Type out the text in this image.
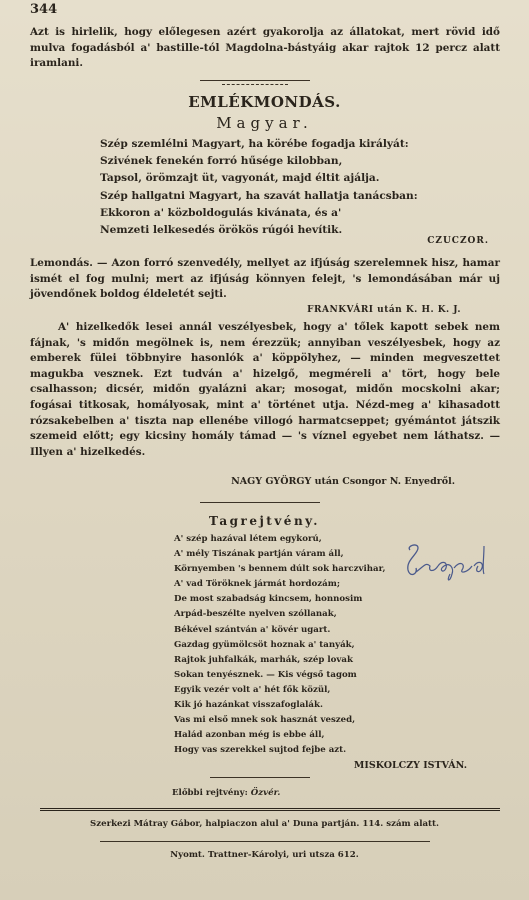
344
Azt is hirlelik, hogy előlegesen azért gyakorolja az állatokat, mert rövid idő mulva fogadásból a' bastille-tól Magdolna-bástyáig akar rajtok 12 percz alatt iramlani.
EMLÉKMONDÁS.
Magyar.
Szép szemlélni Magyart, ha körébe fogadja királyát:
Szivének fenekén forró hűsége kilobban,
Tapsol, örömzajt üt, vagyonát, majd éltit ajálja.
Szép hallgatni Magyart, ha szavát hallatja tanácsban:
Ekkoron a' közboldogulás kivánata, és a'
Nemzeti lelkesedés örökös rúgói hevítik.
CZUCZOR.
Lemondás. — Azon forró szenvedély, mellyet az ifjúság szerelemnek hisz, hamar ismét el fog mulni; mert az ifjúság könnyen felejt, 's lemondásában már uj jövendőnek boldog éldeletét sejti.
FRANKVÁRI után K. H. K. J.
A' hizelkedők lesei annál veszélyesbek, hogy a' tőlek kapott sebek nem fájnak, 's midőn megölnek is, nem érezzük; annyiban veszélyesbek, hogy az emberek fülei többnyire hasonlók a' köppölyhez, — minden megveszettet magukba vesznek. Ezt tudván a' hizelgő, megméreli a' tört, hogy bele csalhasson; dicsér, midőn gyalázni akar; mosogat, midőn mocskolni akar; fogásai titkosak, homályosak, mint a' történet utja. Nézd-meg a' kihasadott rózsakebelben a' tiszta nap ellenébe villogó harmatcseppet; gyémántot játszik szemeid előtt; egy kicsiny homály támad — 's víznel egyebet nem láthatsz. — Illyen a' hizelkedés.
NAGY GYÖRGY után Csongor N. Enyedről.
Tagrejtvény.
A' szép hazával létem egykorú,
A' mély Tiszának partján váram áll,
Környemben 's bennem dúlt sok harczvihar,
A' vad Töröknek jármát hordozám;
De most szabadság kincsem, honnosim
Arpád-beszélte nyelven szóllanak,
Békével szántván a' kövér ugart.
Gazdag gyümölcsöt hoznak a' tanyák,
Rajtok juhfalkák, marhák, szép lovak
Sokan tenyésznek. — Kis végső tagom
Egyik vezér volt a' hét fők közül,
Kik jó hazánkat visszafoglalák.
Vas mi első mnek sok hasznát veszed,
Halád azonban még is ebbe áll,
Hogy vas szerekkel sujtod fejbe azt.
MISKOLCZY ISTVÁN.
Előbbi rejtvény: Özvér.
Szerkezi Mátray Gábor, halpiaczon alul a' Duna partján. 114. szám alatt.
Nyomt. Trattner-Károlyi, uri utsza 612.
